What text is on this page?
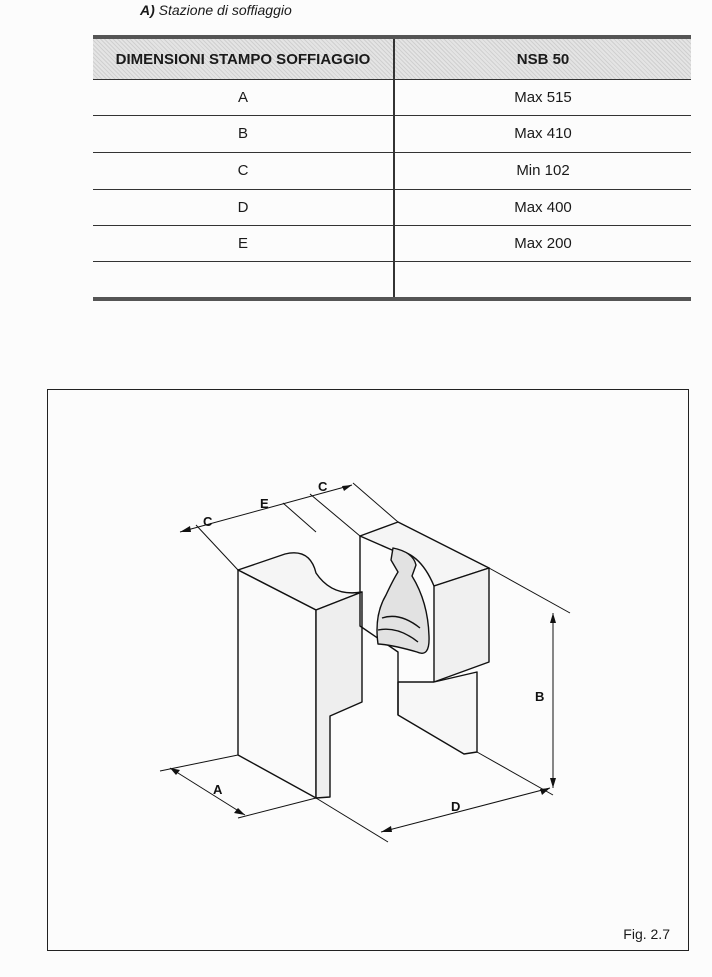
A) Stazione di soffiaggio
DIMENSIONI STAMPO SOFFIAGGIO	NSB 50
A	Max 515
B	Max 410
C	Min 102
D	Max 400
E	Max 200
C
E
C
A
B
D
Fig. 2.7
